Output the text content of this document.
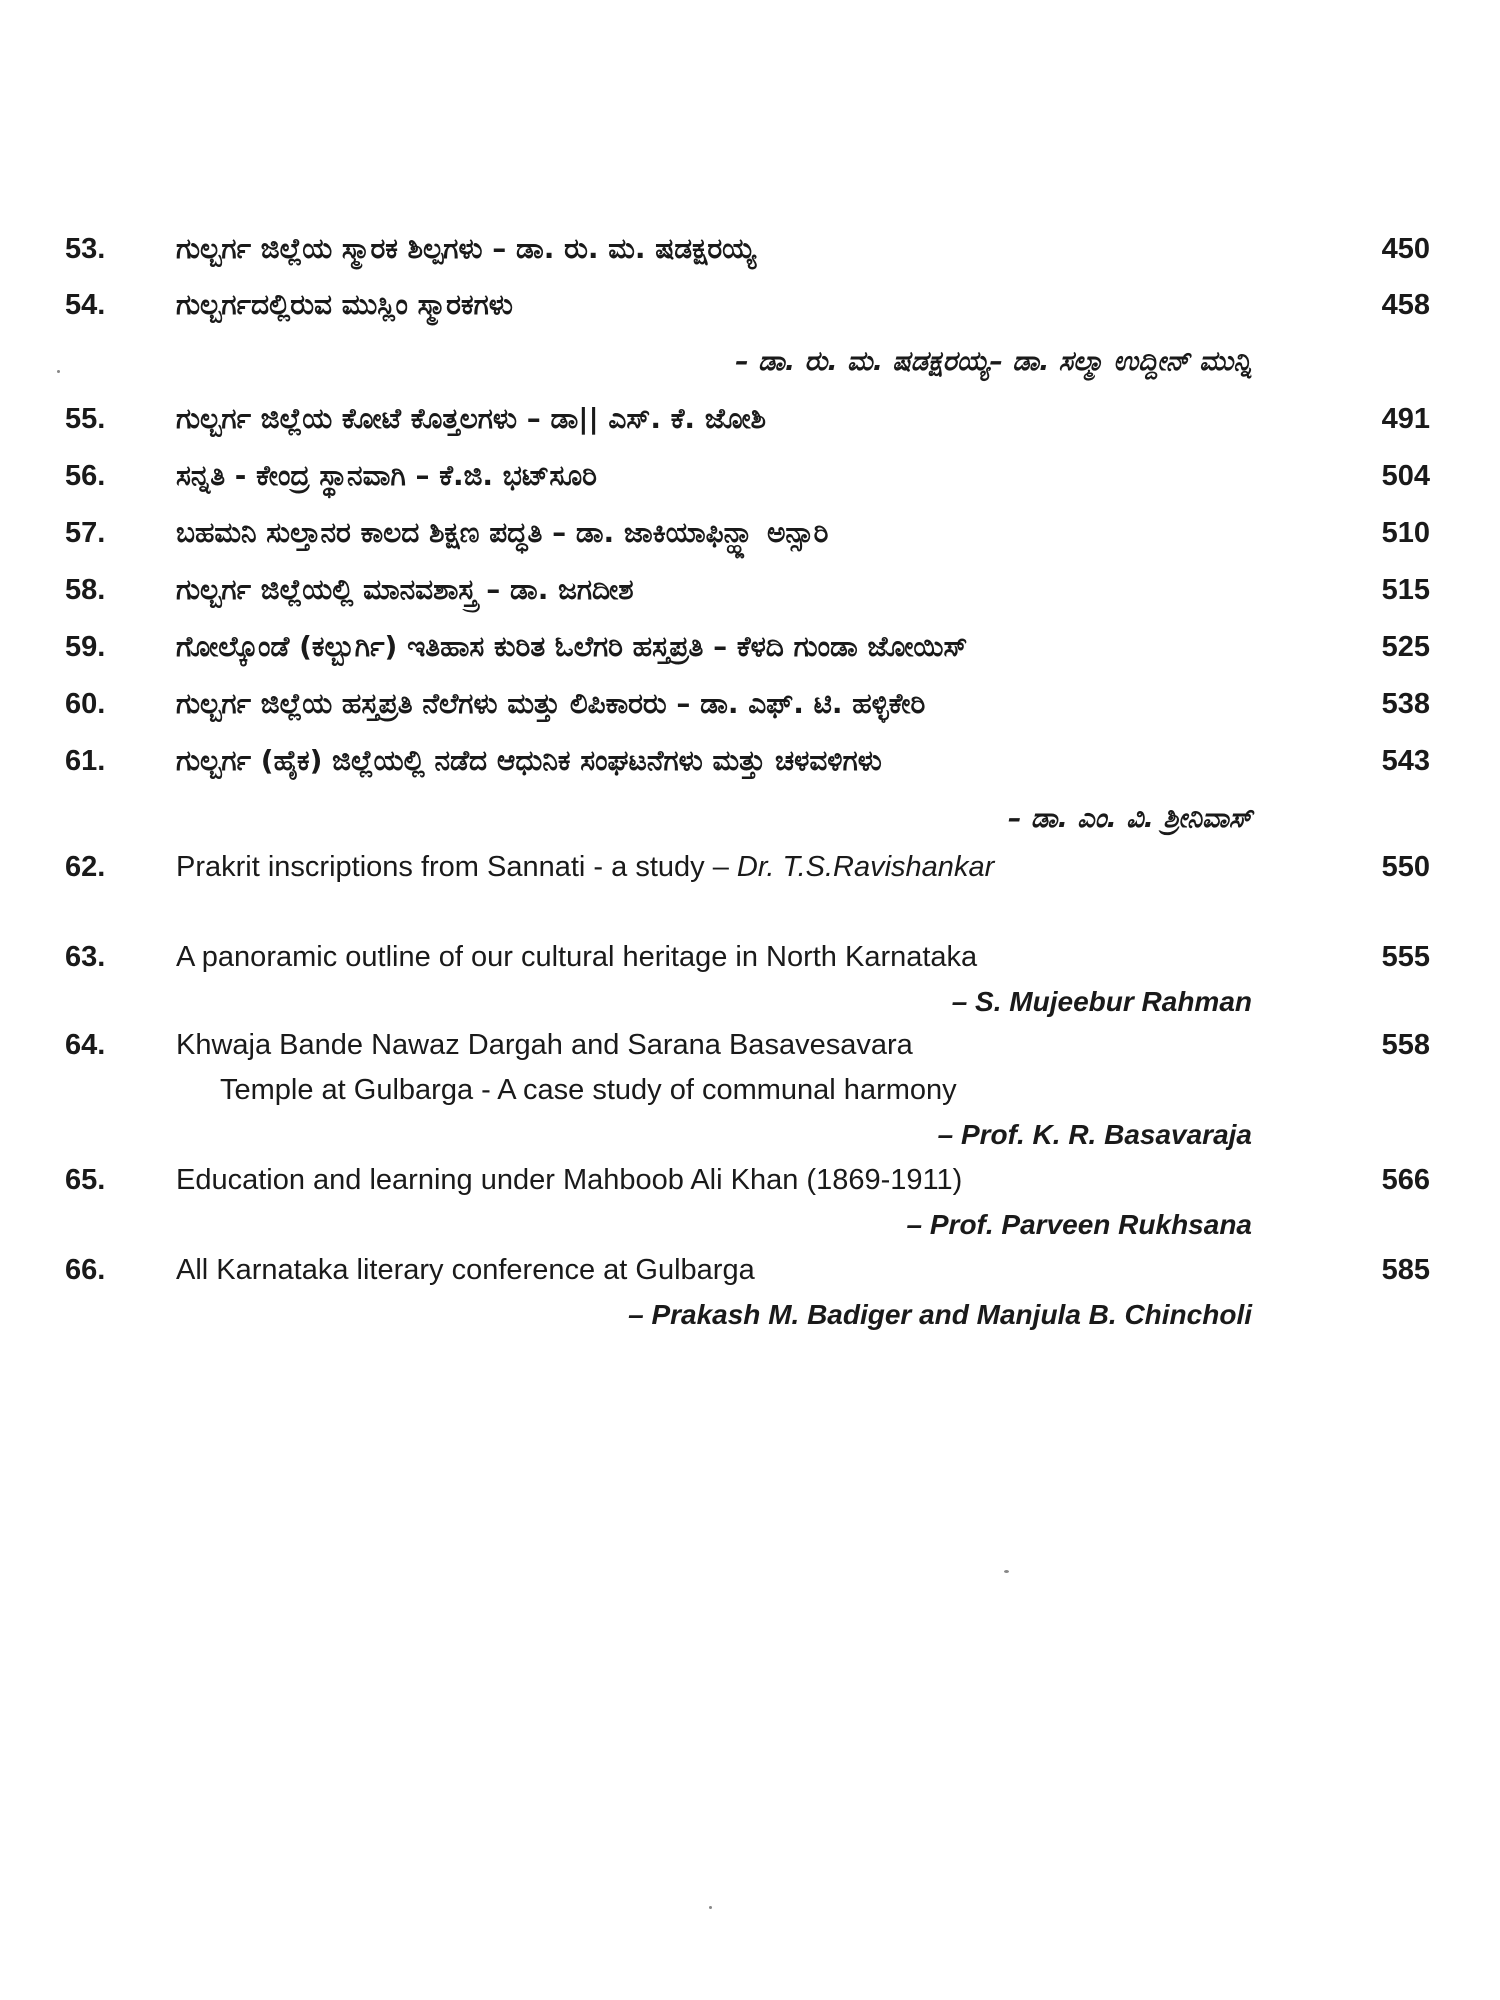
53.	ಗುಲ್ಬರ್ಗ ಜಿಲ್ಲೆಯ ಸ್ಮಾರಕ ಶಿಲ್ಪಗಳು – ಡಾ. ರು. ಮ. ಷಡಕ್ಷರಯ್ಯ	450
54.	ಗುಲ್ಬರ್ಗದಲ್ಲಿರುವ ಮುಸ್ಲಿಂ ಸ್ಮಾರಕಗಳು	458
– ಡಾ. ರು. ಮ. ಷಡಕ್ಷರಯ್ಯ– ಡಾ. ಸಲ್ಮಾ ಉದ್ದೀನ್ ಮುನ್ನಿ
55.	ಗುಲ್ಬರ್ಗ ಜಿಲ್ಲೆಯ ಕೋಟೆ ಕೊತ್ತಲಗಳು – ಡಾ|| ಎಸ್. ಕೆ. ಜೋಶಿ	491
56.	ಸನ್ನತಿ - ಕೇಂದ್ರ ಸ್ಥಾನವಾಗಿ – ಕೆ.ಜಿ. ಭಟ್‌ಸೂರಿ	504
57.	ಬಹಮನಿ ಸುಲ್ತಾನರ ಕಾಲದ ಶಿಕ್ಷಣ ಪದ್ಧತಿ – ಡಾ. ಜಾಕಿಯಾಫಿನ್ಹ್ಲಾ ಅನ್ಸಾರಿ	510
58.	ಗುಲ್ಬರ್ಗ ಜಿಲ್ಲೆಯಲ್ಲಿ ಮಾನವಶಾಸ್ತ್ರ – ಡಾ. ಜಗದೀಶ	515
59.	ಗೋಲ್ಕೊಂಡೆ (ಕಲ್ಬುರ್ಗಿ) ಇತಿಹಾಸ ಕುರಿತ ಓಲೆಗರಿ ಹಸ್ತಪ್ರತಿ – ಕೆಳದಿ ಗುಂಡಾ ಜೋಯಿಸ್	525
60.	ಗುಲ್ಬರ್ಗ ಜಿಲ್ಲೆಯ ಹಸ್ತಪ್ರತಿ ನೆಲೆಗಳು ಮತ್ತು ಲಿಪಿಕಾರರು – ಡಾ. ಎಫ್. ಟಿ. ಹಳ್ಳಿಕೇರಿ	538
61.	ಗುಲ್ಬರ್ಗ (ಹೈಕ) ಜಿಲ್ಲೆಯಲ್ಲಿ ನಡೆದ ಆಧುನಿಕ ಸಂಘಟನೆಗಳು ಮತ್ತು ಚಳವಳಿಗಳು	543
– ಡಾ. ಎಂ. ವಿ. ಶ್ರೀನಿವಾಸ್
62.	Prakrit inscriptions from Sannati - a study – Dr. T.S.Ravishankar	550
63.	A panoramic outline of our cultural heritage in North Karnataka	555
– S. Mujeebur Rahman
64.	Khwaja Bande Nawaz Dargah and Sarana Basavesavara	558
Temple at Gulbarga - A case study of communal harmony
– Prof. K. R. Basavaraja
65.	Education and learning under Mahboob Ali Khan (1869-1911)	566
– Prof. Parveen Rukhsana
66.	All Karnataka literary conference at Gulbarga	585
– Prakash M. Badiger and Manjula B. Chincholi
